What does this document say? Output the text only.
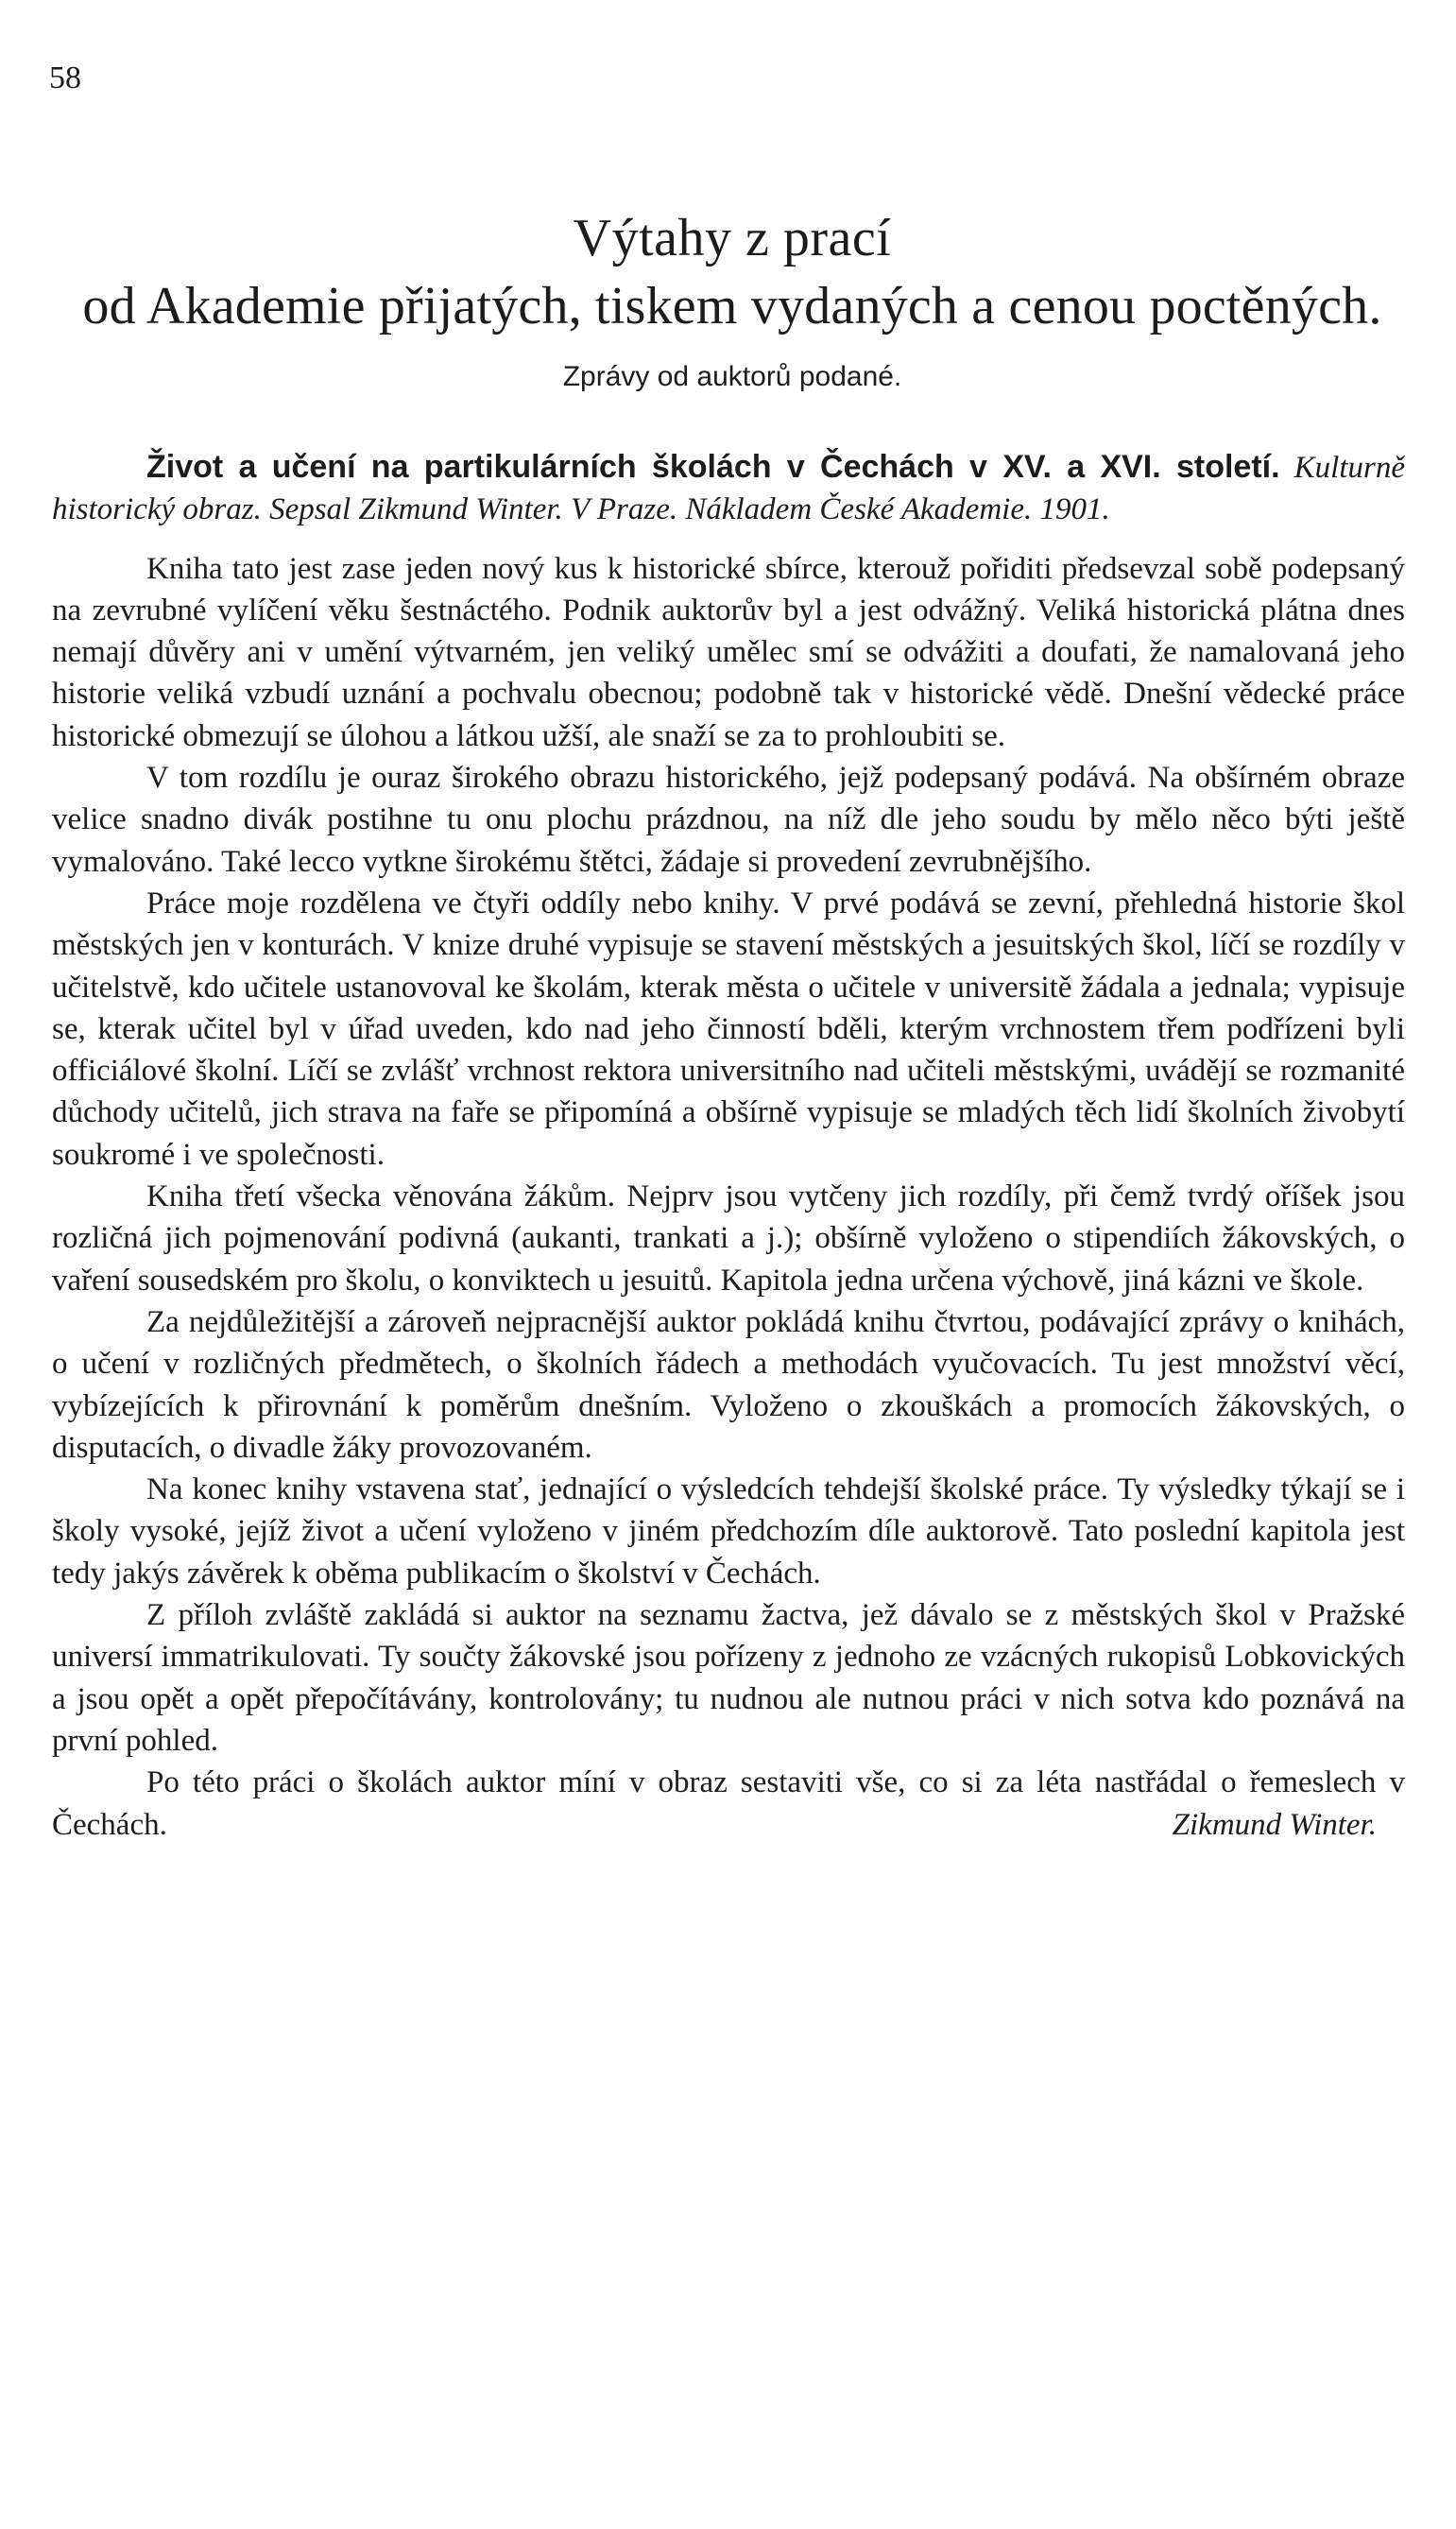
58
Výtahy z prací
od Akademie přijatých, tiskem vydaných a cenou poctěných.
Zprávy od auktorů podané.

Život a učení na partikulárních školách v Čechách v XV. a XVI. století. Kulturně historický obraz. Sepsal Zikmund Winter. V Praze. Nákladem České Akademie. 1901.

Kniha tato jest zase jeden nový kus k historické sbírce, kterouž pořiditi předsevzal sobě podepsaný na zevrubné vylíčení věku šestnáctého. Podnik auktorův byl a jest odvážný. Veliká historická plátna dnes nemají důvěry ani v umění výtvarném, jen veliký umělec smí se odvážiti a doufati, že namalovaná jeho historie veliká vzbudí uznání a pochvalu obecnou; podobně tak v historické vědě. Dnešní vědecké práce historické obmezují se úlohou a látkou užší, ale snaží se za to prohloubiti se.

V tom rozdílu je ouraz širokého obrazu historického, jejž podepsaný podává. Na obšírném obraze velice snadno divák postihne tu onu plochu prázdnou, na níž dle jeho soudu by mělo něco býti ještě vymalováno. Také lecco vytkne širokému štětci, žádaje si provedení zevrubnějšího.

Práce moje rozdělena ve čtyři oddíly nebo knihy. V prvé podává se zevní, přehledná historie škol městských jen v konturách. V knize druhé vypisuje se stavení městských a jesuitských škol, líčí se rozdíly v učitelstvě, kdo učitele ustanovoval ke školám, kterak města o učitele v universitě žádala a jednala; vypisuje se, kterak učitel byl v úřad uveden, kdo nad jeho činností bděli, kterým vrchnostem třem podřízeni byli officiálové školní. Líčí se zvlášť vrchnost rektora universitního nad učiteli městskými, uvádějí se rozmanité důchody učitelů, jich strava na faře se připomíná a obšírně vypisuje se mladých těch lidí školních živobytí soukromé i ve společnosti.

Kniha třetí všecka věnována žákům. Nejprv jsou vytčeny jich rozdíly, při čemž tvrdý oříšek jsou rozličná jich pojmenování podivná (aukanti, trankati a j.); obšírně vyloženo o stipendiích žákovských, o vaření sousedském pro školu, o konviktech u jesuitů. Kapitola jedna určena výchově, jiná kázni ve škole.

Za nejdůležitější a zároveň nejpracnější auktor pokládá knihu čtvrtou, podávající zprávy o knihách, o učení v rozličných předmětech, o školních řádech a methodách vyučovacích. Tu jest množství věcí, vybízejících k přirovnání k poměrům dnešním. Vyloženo o zkouškách a promocích žákovských, o disputacích, o divadle žáky provozovaném.

Na konec knihy vstavena stať, jednající o výsledcích tehdejší školské práce. Ty výsledky týkají se i školy vysoké, jejíž život a učení vyloženo v jiném předchozím díle auktorově. Tato poslední kapitola jest tedy jakýs závěrek k oběma publikacím o školství v Čechách.

Z příloh zvláště zakládá si auktor na seznamu žactva, jež dávalo se z městských škol v Pražské universí immatrikulovati. Ty součty žákovské jsou pořízeny z jednoho ze vzácných rukopisů Lobkovických a jsou opět a opět přepočítávány, kontrolovány; tu nudnou ale nutnou práci v nich sotva kdo poznává na první pohled.

Po této práci o školách auktor míní v obraz sestaviti vše, co si za léta nastřádal o řemeslech v Čechách.	Zikmund Winter.
